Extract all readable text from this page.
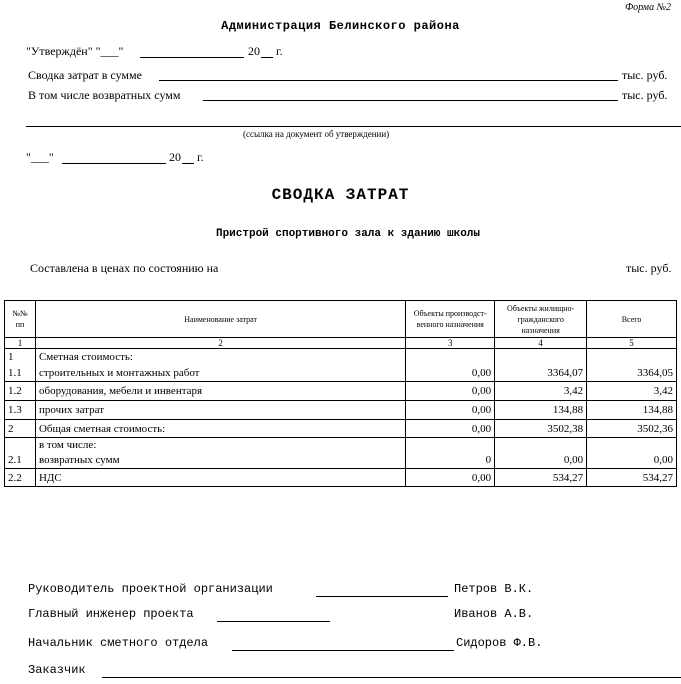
Форма №2
Администрация Белинского района
"Утверждён" "___"	20 г.
Сводка затрат в сумме	тыс. руб.
В том числе возвратных сумм	тыс. руб.
(ссылка на документ об утверждении)
"___"	20 г.
СВОДКА ЗАТРАТ
Пристрой спортивного зала к зданию школы
Составлена в ценах по состоянию на	тыс. руб.
№№ пп	Наименование затрат	Объекты производст-венного назначения	Объекты жилищно-гражданского назначения	Всего
1	2	3	4	5
1	Сметная стоимость:			
1.1	строительных и монтажных работ	0,00	3364,07	3364,05
1.2	оборудования, мебели и инвентаря	0,00	3,42	3,42
1.3	прочих затрат	0,00	134,88	134,88
2	Общая сметная стоимость:	0,00	3502,38	3502,36
	в том числе:			
2.1	возвратных сумм	0	0,00	0,00
2.2	НДС	0,00	534,27	534,27
Руководитель проектной организации	Петров В.К.
Главный инженер проекта	Иванов А.В.
Начальник сметного отдела	Сидоров Ф.В.
Заказчик
